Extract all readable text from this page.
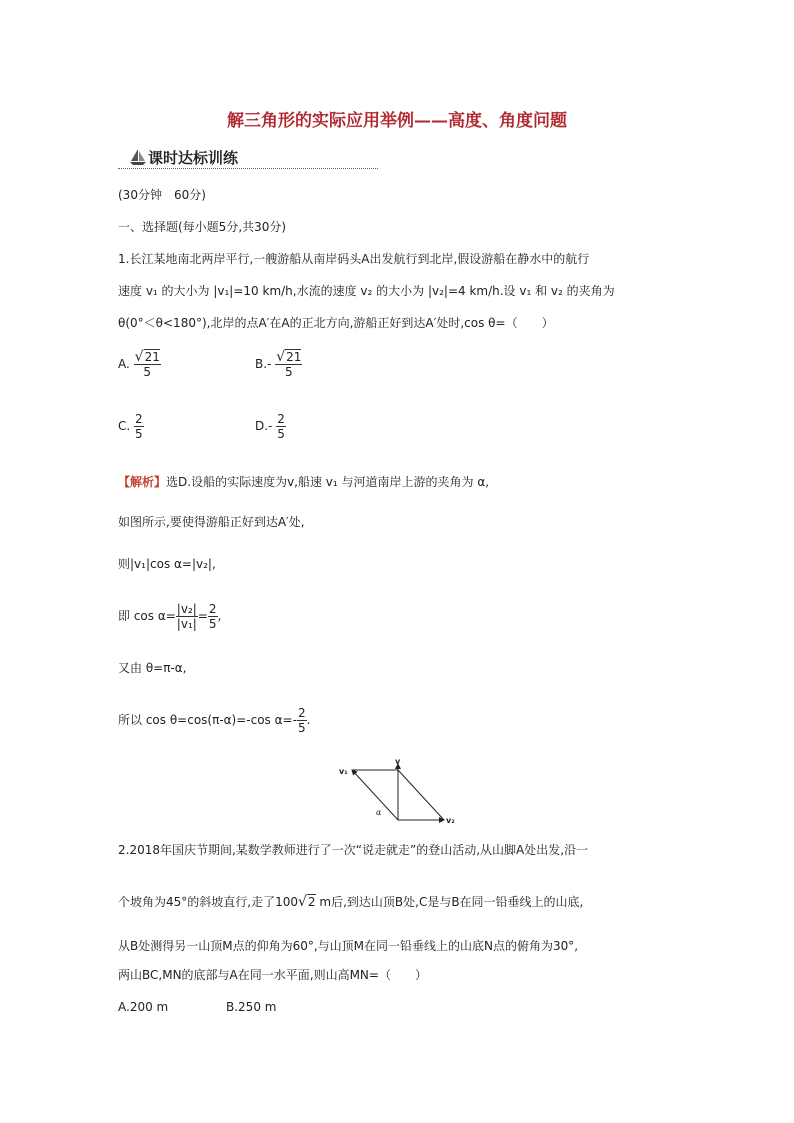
解三角形的实际应用举例——高度、角度问题
课时达标训练
(30分钟　60分)
一、选择题(每小题5分,共30分)
1.长江某地南北两岸平行,一艘游船从南岸码头A出发航行到北岸,假设游船在静水中的航行
速度 v₁ 的大小为 |v₁|=10 km/h,水流的速度 v₂ 的大小为 |v₂|=4 km/h.设 v₁ 和 v₂ 的夹角为
θ(0°＜θ<180°),北岸的点A′在A的正北方向,游船正好到达A′处时,cos θ=（　　）
A. $\frac{√21}{5}$	$B.- \frac{√21}{5}$
C. $\frac{2}{5}$	$D.- \frac{2}{5}$
【解析】选D.设船的实际速度为v,船速 v₁ 与河道南岸上游的夹角为 α,
如图所示,要使得游船正好到达A′处,
则|v₁|cos α=|v₂|,
即 $\cos \alpha= \frac{\text{|v₂|}}{\text{|v₁|}} = \frac{2}{5}$ ,
又由 θ=π-α,
所以 cos θ=cos(π-α)=-cos $\alpha=- \frac{2}{5}$ .
v₁
v
v₂
α
2.2018年国庆节期间,某数学教师进行了一次“说走就走”的登山活动,从山脚A处出发,沿一
个坡角为45°的斜坡直行,走了100√2 m后,到达山顶B处,C是与B在同一铅垂线上的山底,
从B处测得另一山顶M点的仰角为60°,与山顶M在同一铅垂线上的山底N点的俯角为30°,
两山BC,MN的底部与A在同一水平面,则山高MN=（　　）
A.200 m	B.250 m
